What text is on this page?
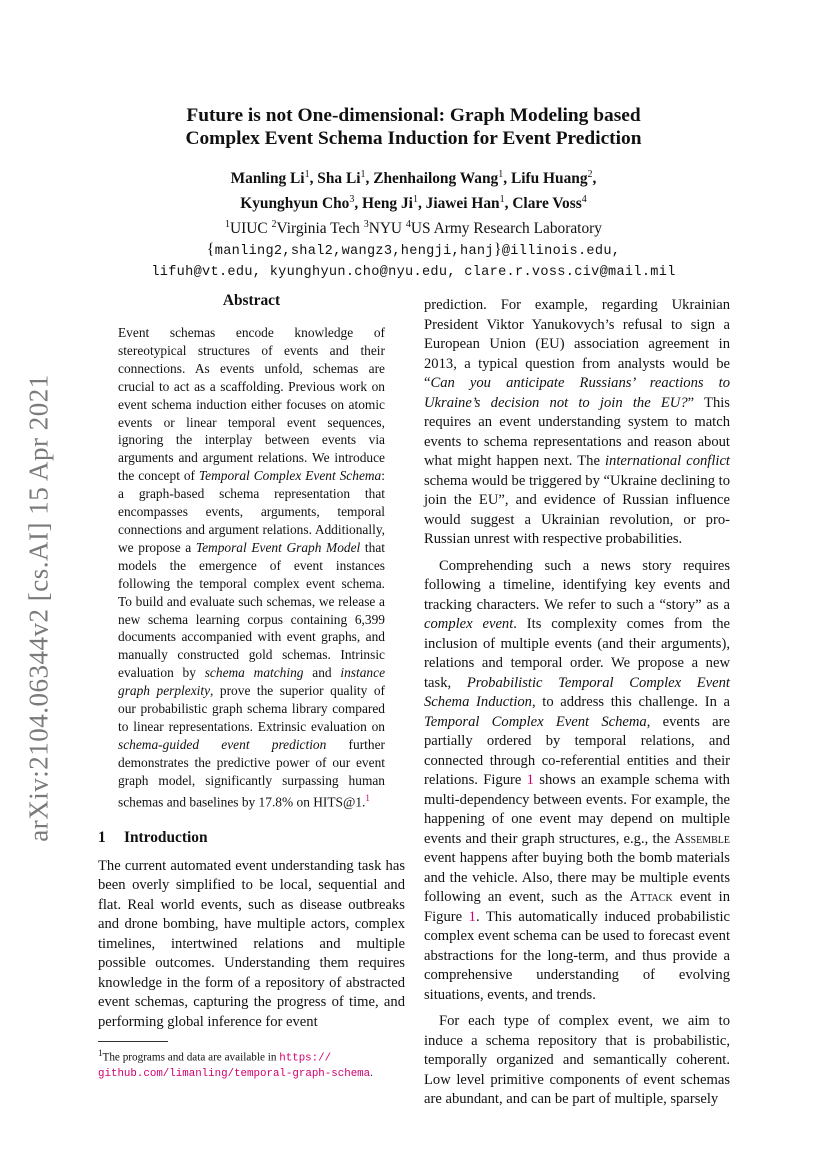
arXiv:2104.06344v2 [cs.AI] 15 Apr 2021
Future is not One-dimensional: Graph Modeling based
Complex Event Schema Induction for Event Prediction
Manling Li$^1$, Sha Li$^1$, Zhenhailong Wang$^1$, Lifu Huang$^2$,
Kyunghyun Cho$^3$, Heng Ji$^1$, Jiawei Han$^1$, Clare Voss$^4$
$^1$UIUC $^2$Virginia Tech $^3$NYU $^4$US Army Research Laboratory
{manling2,shal2,wangz3,hengji,hanj}@illinois.edu,
lifuh@vt.edu, kyunghyun.cho@nyu.edu, clare.r.voss.civ@mail.mil
Abstract
Event schemas encode knowledge of stereotypical structures of events and their connections. As events unfold, schemas are crucial to act as a scaffolding. Previous work on event schema induction either focuses on atomic events or linear temporal event sequences, ignoring the interplay between events via arguments and argument relations. We introduce the concept of Temporal Complex Event Schema: a graph-based schema representation that encompasses events, arguments, temporal connections and argument relations. Additionally, we propose a Temporal Event Graph Model that models the emergence of event instances following the temporal complex event schema. To build and evaluate such schemas, we release a new schema learning corpus containing 6,399 documents accompanied with event graphs, and manually constructed gold schemas. Intrinsic evaluation by schema matching and instance graph perplexity, prove the superior quality of our probabilistic graph schema library compared to linear representations. Extrinsic evaluation on schema-guided event prediction further demonstrates the predictive power of our event graph model, significantly surpassing human schemas and baselines by 17.8% on HITS@1.$^1$
1 Introduction

The current automated event understanding task has been overly simplified to be local, sequential and flat. Real world events, such as disease outbreaks and drone bombing, have multiple actors, complex timelines, intertwined relations and multiple possible outcomes. Understanding them requires knowledge in the form of a repository of abstracted event schemas, capturing the progress of time, and performing global inference for event

prediction. For example, regarding Ukrainian President Viktor Yanukovych’s refusal to sign a European Union (EU) association agreement in 2013, a typical question from analysts would be “Can you anticipate Russians’ reactions to Ukraine’s decision not to join the EU?” This requires an event understanding system to match events to schema representations and reason about what might happen next. The international conflict schema would be triggered by “Ukraine declining to join the EU”, and evidence of Russian influence would suggest a Ukrainian revolution, or pro-Russian unrest with respective probabilities.

Comprehending such a news story requires following a timeline, identifying key events and tracking characters. We refer to such a “story” as a complex event. Its complexity comes from the inclusion of multiple events (and their arguments), relations and temporal order. We propose a new task, Probabilistic Temporal Complex Event Schema Induction, to address this challenge. In a Temporal Complex Event Schema, events are partially ordered by temporal relations, and connected through co-referential entities and their relations. Figure 1 shows an example schema with multi-dependency between events. For example, the happening of one event may depend on multiple events and their graph structures, e.g., the Assemble event happens after buying both the bomb materials and the vehicle. Also, there may be multiple events following an event, such as the Attack event in Figure 1. This automatically induced probabilistic complex event schema can be used to forecast event abstractions for the long-term, and thus provide a comprehensive understanding of evolving situations, events, and trends.

For each type of complex event, we aim to induce a schema repository that is probabilistic, temporally organized and semantically coherent. Low level primitive components of event schemas are abundant, and can be part of multiple, sparsely

$^1$The programs and data are available in https://
github.com/limanling/temporal-graph-schema.
